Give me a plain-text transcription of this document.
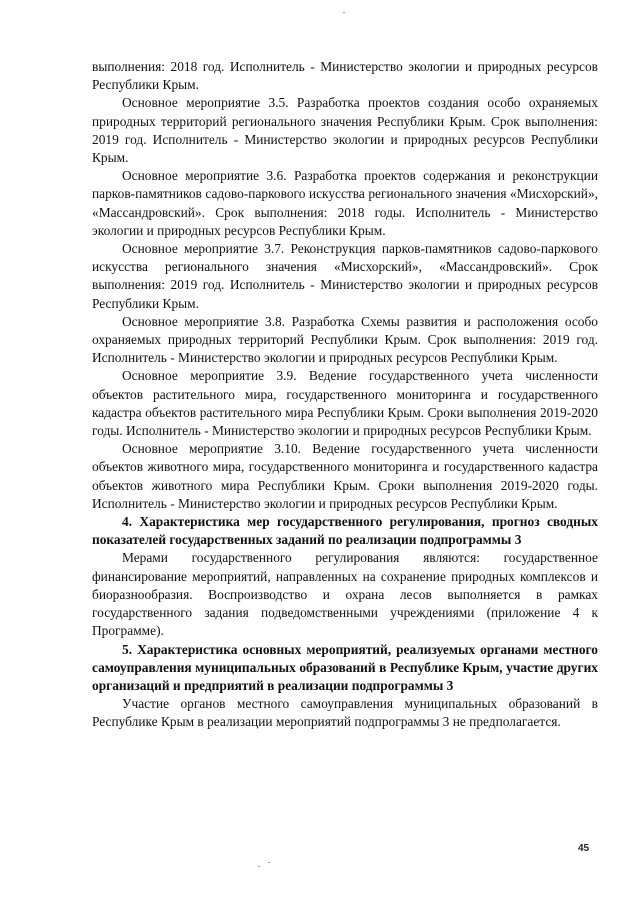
выполнения: 2018 год. Исполнитель - Министерство экологии и природных ресурсов Республики Крым.

Основное мероприятие 3.5. Разработка проектов создания особо охраняемых природных территорий регионального значения Республики Крым. Срок выполнения: 2019 год. Исполнитель - Министерство экологии и природных ресурсов Республики Крым.

Основное мероприятие 3.6. Разработка проектов содержания и реконструкции парков-памятников садово-паркового искусства регионального значения «Мисхорский», «Массандровский». Срок выполнения: 2018 годы. Исполнитель - Министерство экологии и природных ресурсов Республики Крым.

Основное мероприятие 3.7. Реконструкция парков-памятников садово-паркового искусства регионального значения «Мисхорский», «Массандровский». Срок выполнения: 2019 год. Исполнитель - Министерство экологии и природных ресурсов Республики Крым.

Основное мероприятие 3.8. Разработка Схемы развития и расположения особо охраняемых природных территорий Республики Крым. Срок выполнения: 2019 год. Исполнитель - Министерство экологии и природных ресурсов Республики Крым.

Основное мероприятие 3.9. Ведение государственного учета численности объектов растительного мира, государственного мониторинга и государственного кадастра объектов растительного мира Республики Крым. Сроки выполнения 2019-2020 годы. Исполнитель - Министерство экологии и природных ресурсов Республики Крым.

Основное мероприятие 3.10. Ведение государственного учета численности объектов животного мира, государственного мониторинга и государственного кадастра объектов животного мира Республики Крым. Сроки выполнения 2019-2020 годы. Исполнитель - Министерство экологии и природных ресурсов Республики Крым.

4. Характеристика мер государственного регулирования, прогноз сводных показателей государственных заданий по реализации подпрограммы 3

Мерами государственного регулирования являются: государственное финансирование мероприятий, направленных на сохранение природных комплексов и биоразнообразия. Воспроизводство и охрана лесов выполняется в рамках государственного задания подведомственными учреждениями (приложение 4 к Программе).

5. Характеристика основных мероприятий, реализуемых органами местного самоуправления муниципальных образований в Республике Крым, участие других организаций и предприятий в реализации подпрограммы 3

Участие органов местного самоуправления муниципальных образований в Республике Крым в реализации мероприятий подпрограммы 3 не предполагается.

45
